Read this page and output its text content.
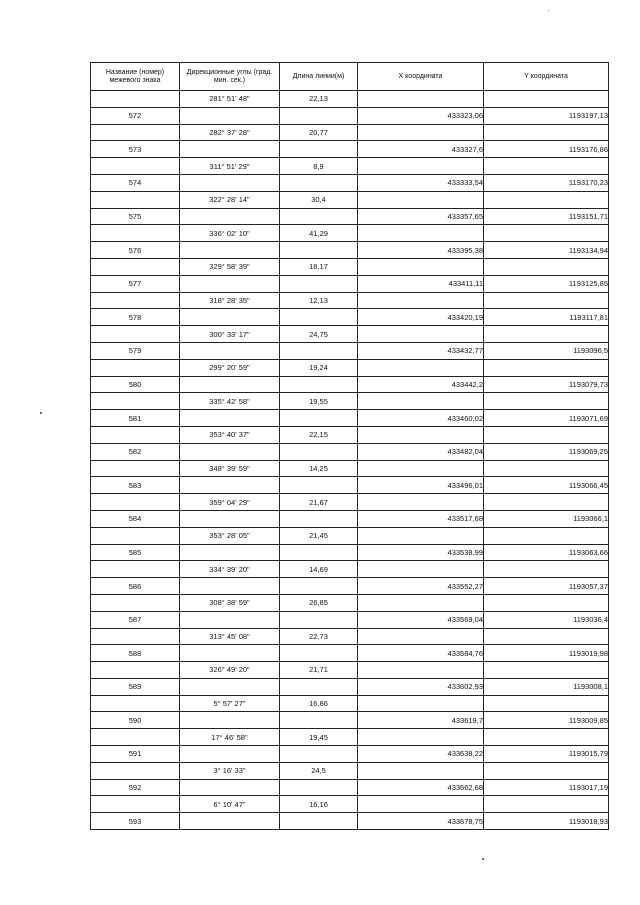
Название (номер) межевого знака	Дирекционные углы (град. мин. сек.)	Длина линии(м)	X координата	Y координата
	281° 51' 48"	22,13		
572			433323,06	1193197,13
	282° 37' 28"	20,77		
573			433327,6	1193176,86
	311° 51' 29"	8,9		
574			433333,54	1193170,23
	322° 28' 14"	30,4		
575			433357,65	1193151,71
	336° 02' 10"	41,29		
576			433395,38	1193134,94
	329° 58' 39"	18,17		
577			433411,11	1193125,85
	318° 28' 35"	12,13		
578			433420,19	1193117,81
	300° 33' 17"	24,75		
579			433432,77	1193096,5
	299° 20' 59"	19,24		
580			433442,2	1193079,73
	335° 42' 58"	19,55		
581			433460,02	1193071,69
	353° 40' 37"	22,15		
582			433482,04	1193069,25
	348° 39' 59"	14,25		
583			433496,01	1193066,45
	359° 04' 29"	21,67		
584			433517,68	1193066,1
	353° 28' 05"	21,45		
585			433538,99	1193063,66
	334° 39' 20"	14,69		
586			433552,27	1193057,37
	308° 38' 59"	26,85		
587			433569,04	1193036,4
	313° 45' 08"	22,73		
588			433584,76	1193019,98
	326° 49' 20"	21,71		
589			433602,93	1193008,1
	5° 57' 27"	16,86		
590			433619,7	1193009,85
	17° 46' 58"	19,45		
591			433638,22	1193015,79
	3° 16' 33"	24,5		
592			433662,68	1193017,19
	6° 10' 47"	16,16		
593			433678,75	1193018,93
